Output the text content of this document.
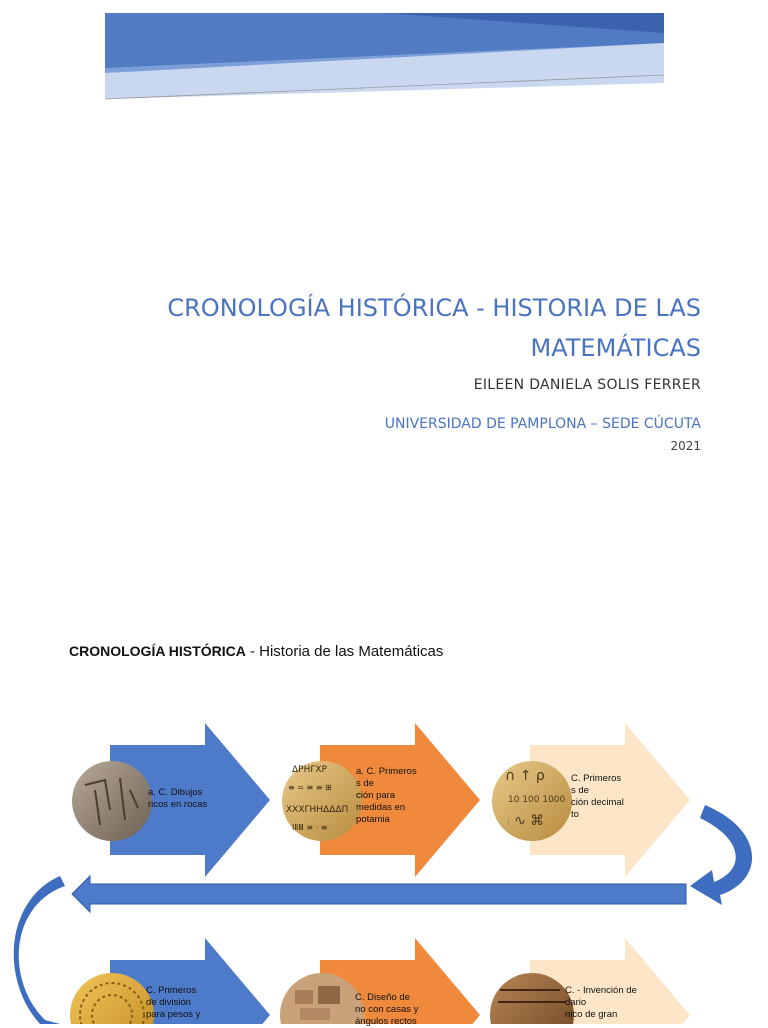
CRONOLOGÍA HISTÓRICA - HISTORIA DE LAS
MATEMÁTICAS
EILEEN DANIELA SOLIS FERRER
UNIVERSIDAD DE PAMPLONA – SEDE CÚCUTA
2021
CRONOLOGÍA HISTÓRICA - Historia de las Matemáticas
ΔΡΗΓΧΡ
≡ = ≡ ≡ ⊞
XXXΓΗΗΔΔΔΠ
ⅠⅡⅢ ≡ · ≡
∩ ↑ ρ
10 100 1000
𓏺 ∿ ⌘
a. C. Dibujos
ricos en rocas
a. C. Primeros
s de
ción para
medidas en
potamia
C. Primeros
s de
ción decimal
to
C. Primeros
de división
para pesos y
C. Diseño de
no con casas y
ángulos rectos
C. - Invención de
dario
nico de gran
